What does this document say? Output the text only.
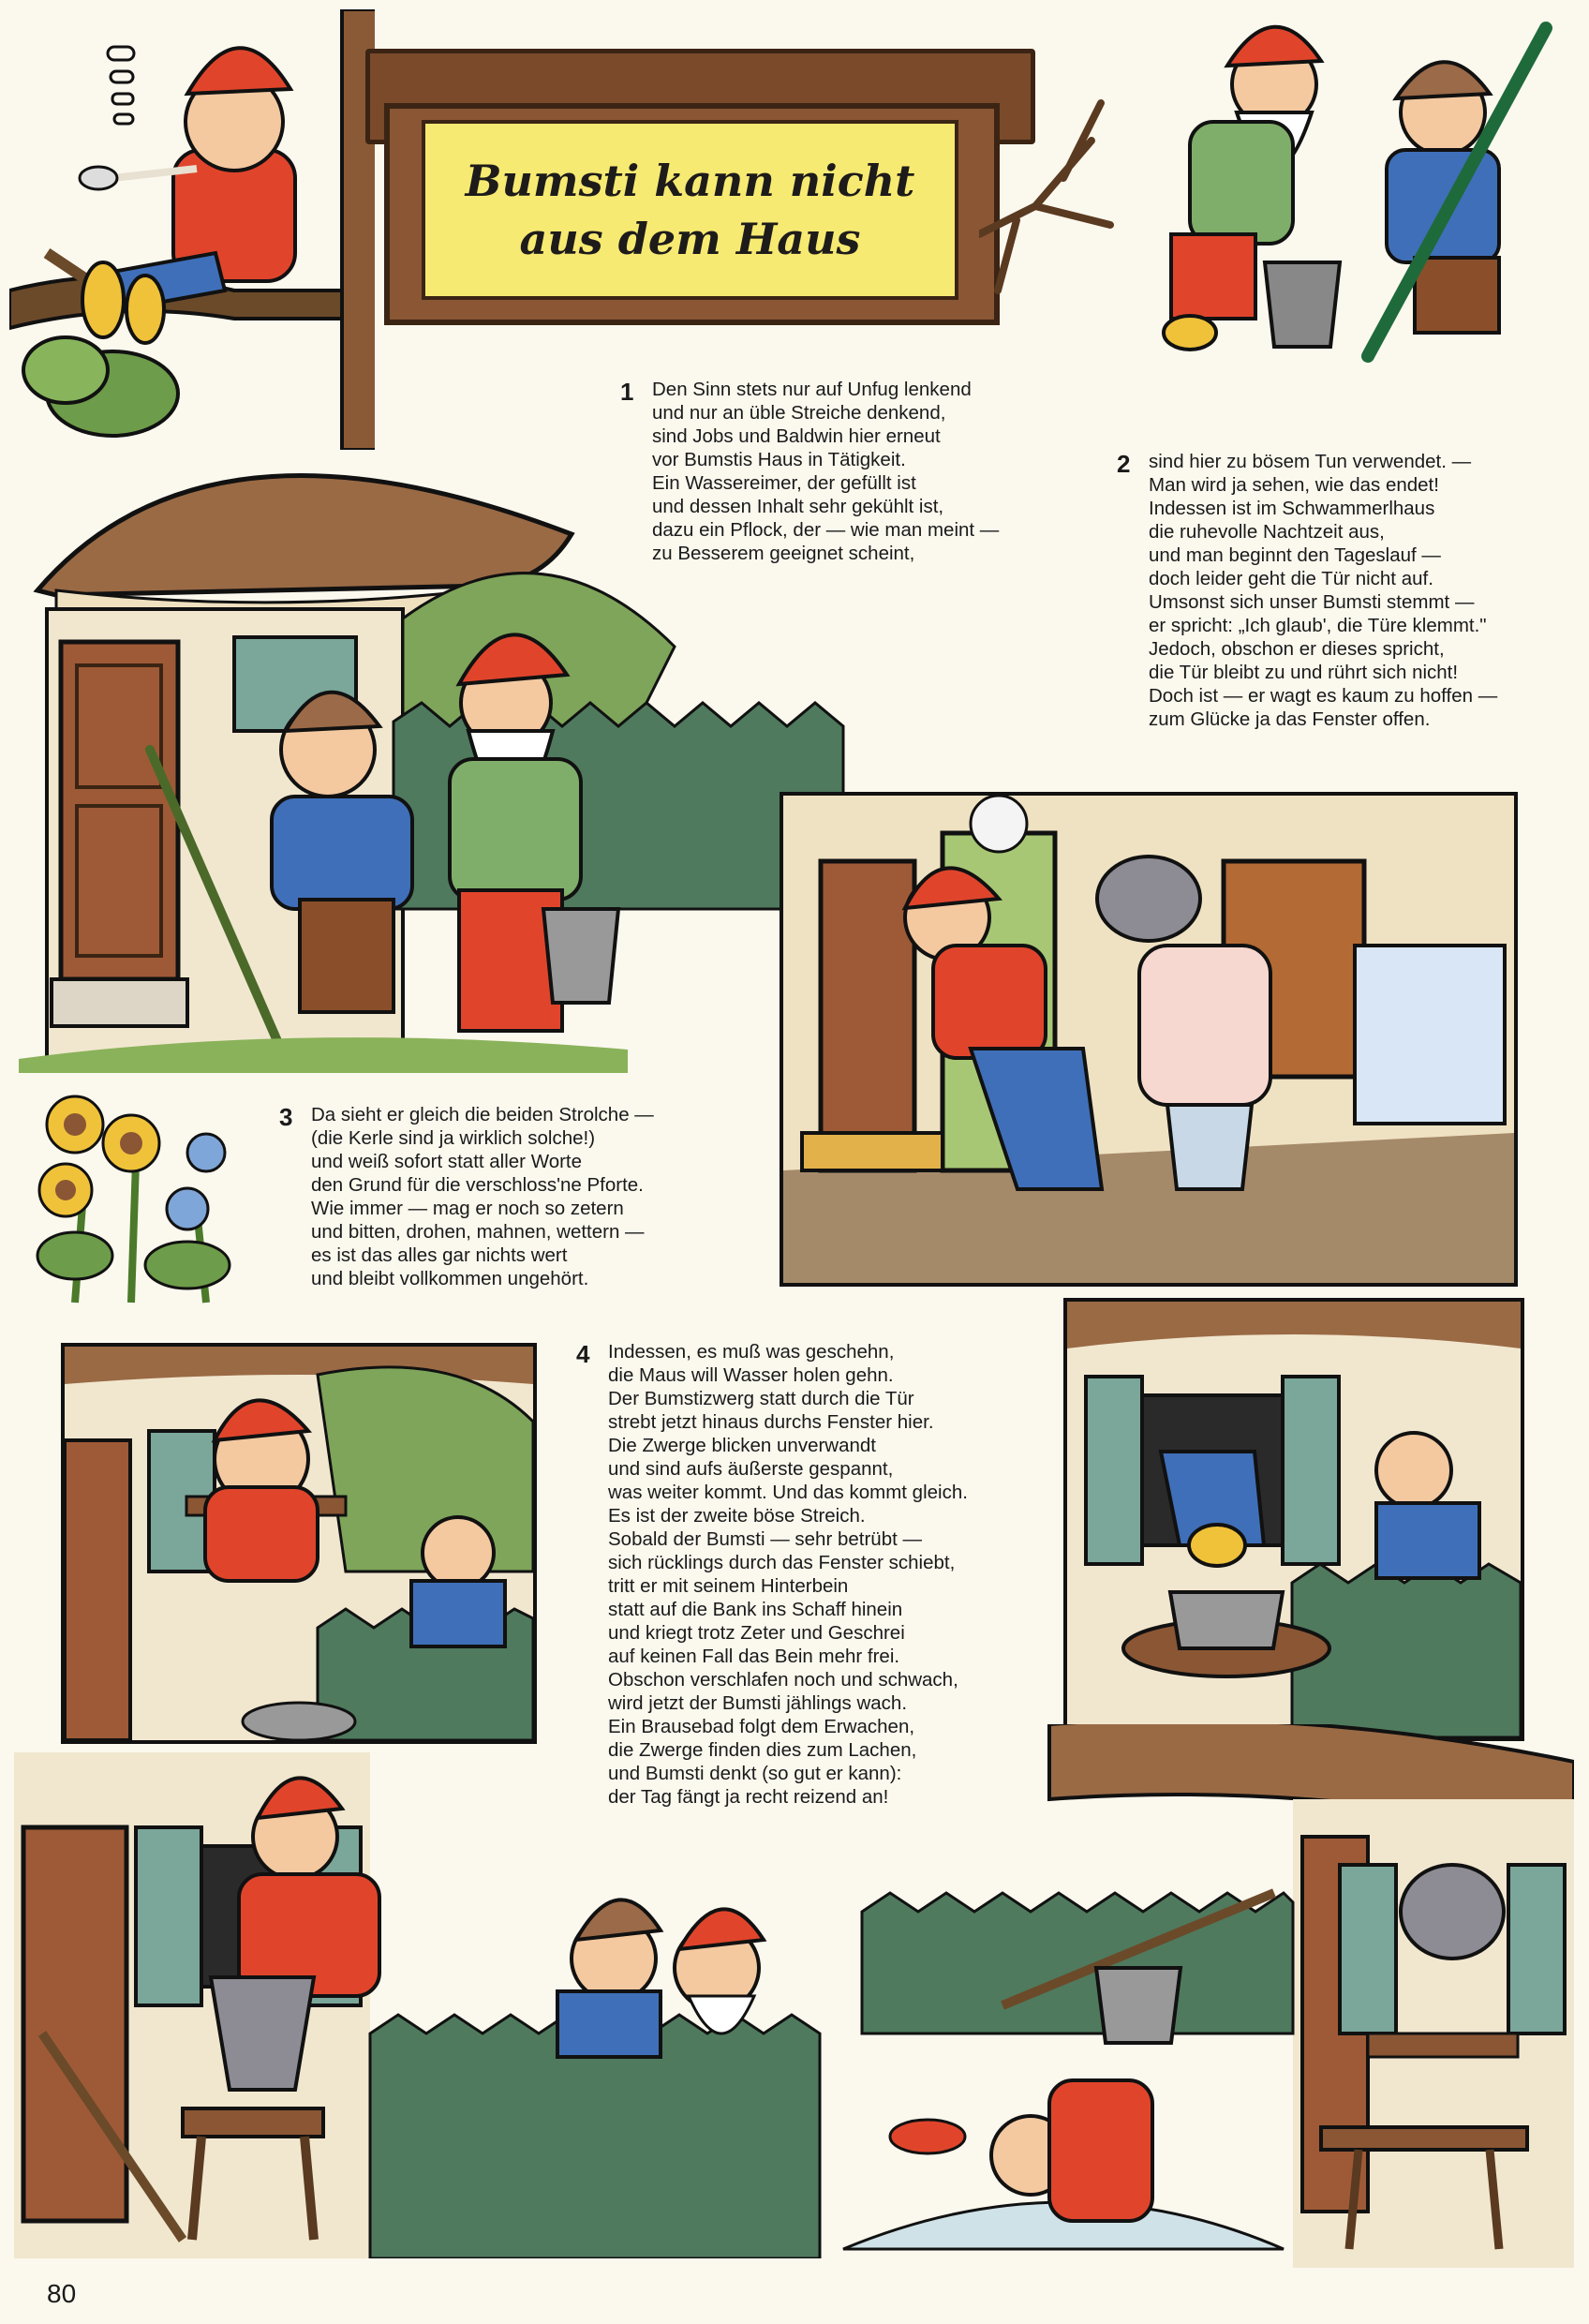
Bumsti kann nicht
aus dem Haus
1 Den Sinn stets nur auf Unfug lenkend
und nur an üble Streiche denkend,
sind Jobs und Baldwin hier erneut
vor Bumstis Haus in Tätigkeit.
Ein Wassereimer, der gefüllt ist
und dessen Inhalt sehr gekühlt ist,
dazu ein Pflock, der — wie man meint —
zu Besserem geeignet scheint,
2 sind hier zu bösem Tun verwendet. —
Man wird ja sehen, wie das endet!
Indessen ist im Schwammerlhaus
die ruhevolle Nachtzeit aus,
und man beginnt den Tageslauf —
doch leider geht die Tür nicht auf.
Umsonst sich unser Bumsti stemmt —
er spricht: „Ich glaub', die Türe klemmt."
Jedoch, obschon er dieses spricht,
die Tür bleibt zu und rührt sich nicht!
Doch ist — er wagt es kaum zu hoffen —
zum Glücke ja das Fenster offen.
3 Da sieht er gleich die beiden Strolche —
(die Kerle sind ja wirklich solche!)
und weiß sofort statt aller Worte
den Grund für die verschloss'ne Pforte.
Wie immer — mag er noch so zetern
und bitten, drohen, mahnen, wettern —
es ist das alles gar nichts wert
und bleibt vollkommen ungehört.
4 Indessen, es muß was geschehn,
die Maus will Wasser holen gehn.
Der Bumstizwerg statt durch die Tür
strebt jetzt hinaus durchs Fenster hier.
Die Zwerge blicken unverwandt
und sind aufs äußerste gespannt,
was weiter kommt. Und das kommt gleich.
Es ist der zweite böse Streich.
Sobald der Bumsti — sehr betrübt —
sich rücklings durch das Fenster schiebt,
tritt er mit seinem Hinterbein
statt auf die Bank ins Schaff hinein
und kriegt trotz Zeter und Geschrei
auf keinen Fall das Bein mehr frei.
Obschon verschlafen noch und schwach,
wird jetzt der Bumsti jählings wach.
Ein Brausebad folgt dem Erwachen,
die Zwerge finden dies zum Lachen,
und Bumsti denkt (so gut er kann):
der Tag fängt ja recht reizend an!
80
